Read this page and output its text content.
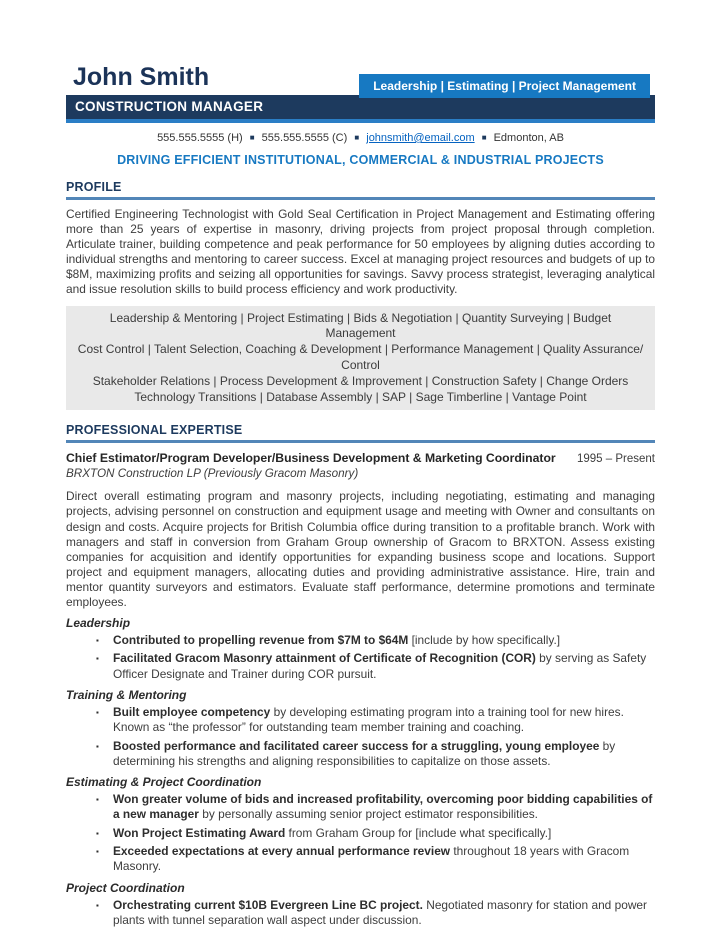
John Smith	Leadership | Estimating | Project Management
CONSTRUCTION MANAGER
555.555.5555 (H) ■ 555.555.5555 (C) ■ johnsmith@email.com ■ Edmonton, AB
DRIVING EFFICIENT INSTITUTIONAL, COMMERCIAL & INDUSTRIAL PROJECTS
PROFILE

Certified Engineering Technologist with Gold Seal Certification in Project Management and Estimating offering more than 25 years of expertise in masonry, driving projects from project proposal through completion. Articulate trainer, building competence and peak performance for 50 employees by aligning duties according to individual strengths and mentoring to career success. Excel at managing project resources and budgets of up to $8M, maximizing profits and seizing all opportunities for savings. Savvy process strategist, leveraging analytical and issue resolution skills to build process efficiency and work productivity.

Leadership & Mentoring | Project Estimating | Bids & Negotiation | Quantity Surveying | Budget Management
Cost Control | Talent Selection, Coaching & Development | Performance Management | Quality Assurance/ Control
Stakeholder Relations | Process Development & Improvement | Construction Safety | Change Orders
Technology Transitions | Database Assembly | SAP | Sage Timberline | Vantage Point
PROFESSIONAL EXPERTISE
Chief Estimator/Program Developer/Business Development & Marketing Coordinator	1995 – Present
BRXTON Construction LP (Previously Gracom Masonry)

Direct overall estimating program and masonry projects, including negotiating, estimating and managing projects, advising personnel on construction and equipment usage and meeting with Owner and consultants on design and costs. Acquire projects for British Columbia office during transition to a profitable branch. Work with managers and staff in conversion from Graham Group ownership of Gracom to BRXTON. Assess existing companies for acquisition and identify opportunities for expanding business scope and locations. Support project and equipment managers, allocating duties and providing administrative assistance. Hire, train and mentor quantity surveyors and estimators. Evaluate staff performance, determine promotions and terminate employees.

Leadership
▪ Contributed to propelling revenue from $7M to $64M [include by how specifically.]
▪ Facilitated Gracom Masonry attainment of Certificate of Recognition (COR) by serving as Safety Officer Designate and Trainer during COR pursuit.
Training & Mentoring
▪ Built employee competency by developing estimating program into a training tool for new hires. Known as “the professor” for outstanding team member training and coaching.
▪ Boosted performance and facilitated career success for a struggling, young employee by determining his strengths and aligning responsibilities to capitalize on those assets.
Estimating & Project Coordination
▪ Won greater volume of bids and increased profitability, overcoming poor bidding capabilities of a new manager by personally assuming senior project estimator responsibilities.
▪ Won Project Estimating Award from Graham Group for [include what specifically.]
▪ Exceeded expectations at every annual performance review throughout 18 years with Gracom Masonry.
Project Coordination
▪ Orchestrating current $10B Evergreen Line BC project. Negotiated masonry for station and power plants with tunnel separation wall aspect under discussion.
